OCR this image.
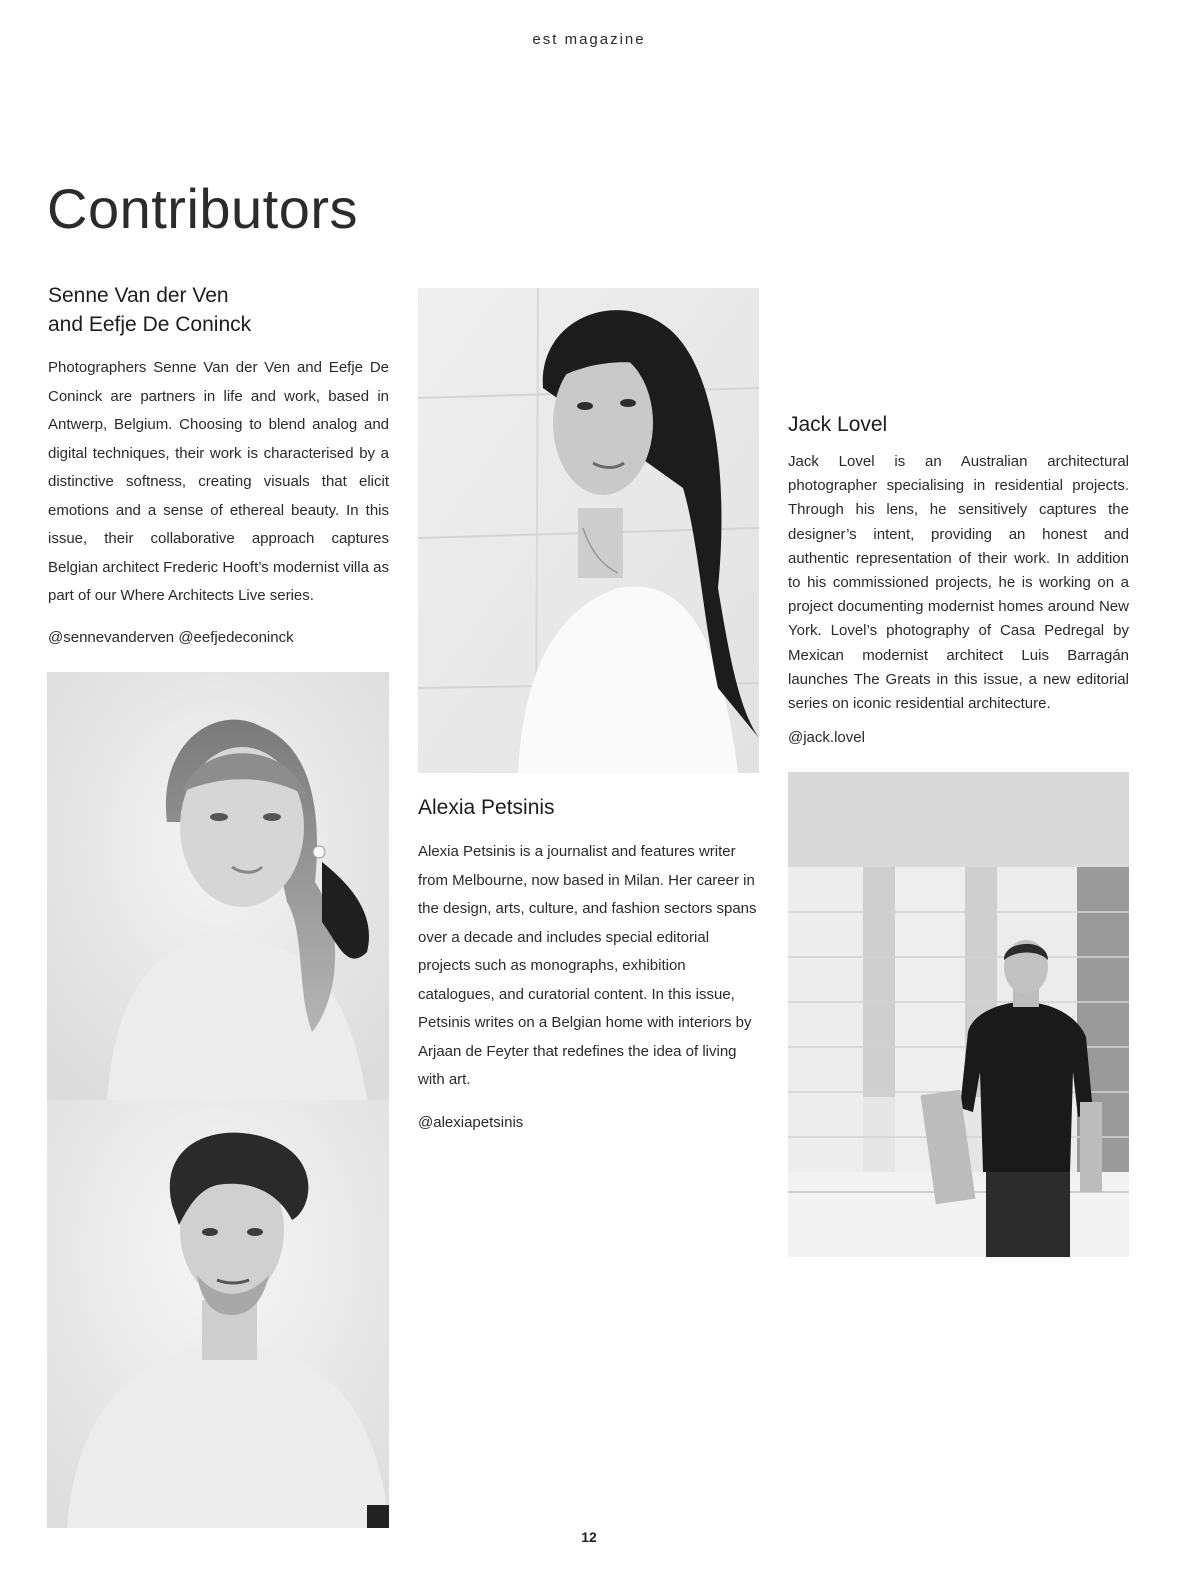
est magazine
Contributors
Senne Van der Ven
and Eefje De Coninck

Photographers Senne Van der Ven and Eefje De Coninck are partners in life and work, based in Antwerp, Belgium. Choosing to blend analog and digital techniques, their work is characterised by a distinctive softness, creating visuals that elicit emotions and a sense of ethereal beauty. In this issue, their collaborative approach captures Belgian architect Frederic Hooft’s modernist villa as part of our Where Architects Live series.

@sennevanderven @eefjedeconinck
Alexia Petsinis

Alexia Petsinis is a journalist and features writer from Melbourne, now based in Milan. Her career in the design, arts, culture, and fashion sectors spans over a decade and includes special editorial projects such as monographs, exhibition catalogues, and curatorial content. In this issue, Petsinis writes on a Belgian home with interiors by Arjaan de Feyter that redefines the idea of living with art.

@alexiapetsinis
Jack Lovel

Jack Lovel is an Australian architectural photographer specialising in residential projects. Through his lens, he sensitively captures the designer’s intent, providing an honest and authentic representation of their work. In addition to his commissioned projects, he is working on a project documenting modernist homes around New York. Lovel’s photography of Casa Pedregal by Mexican modernist architect Luis Barragán launches The Greats in this issue, a new editorial series on iconic residential architecture.

@jack.lovel
12
